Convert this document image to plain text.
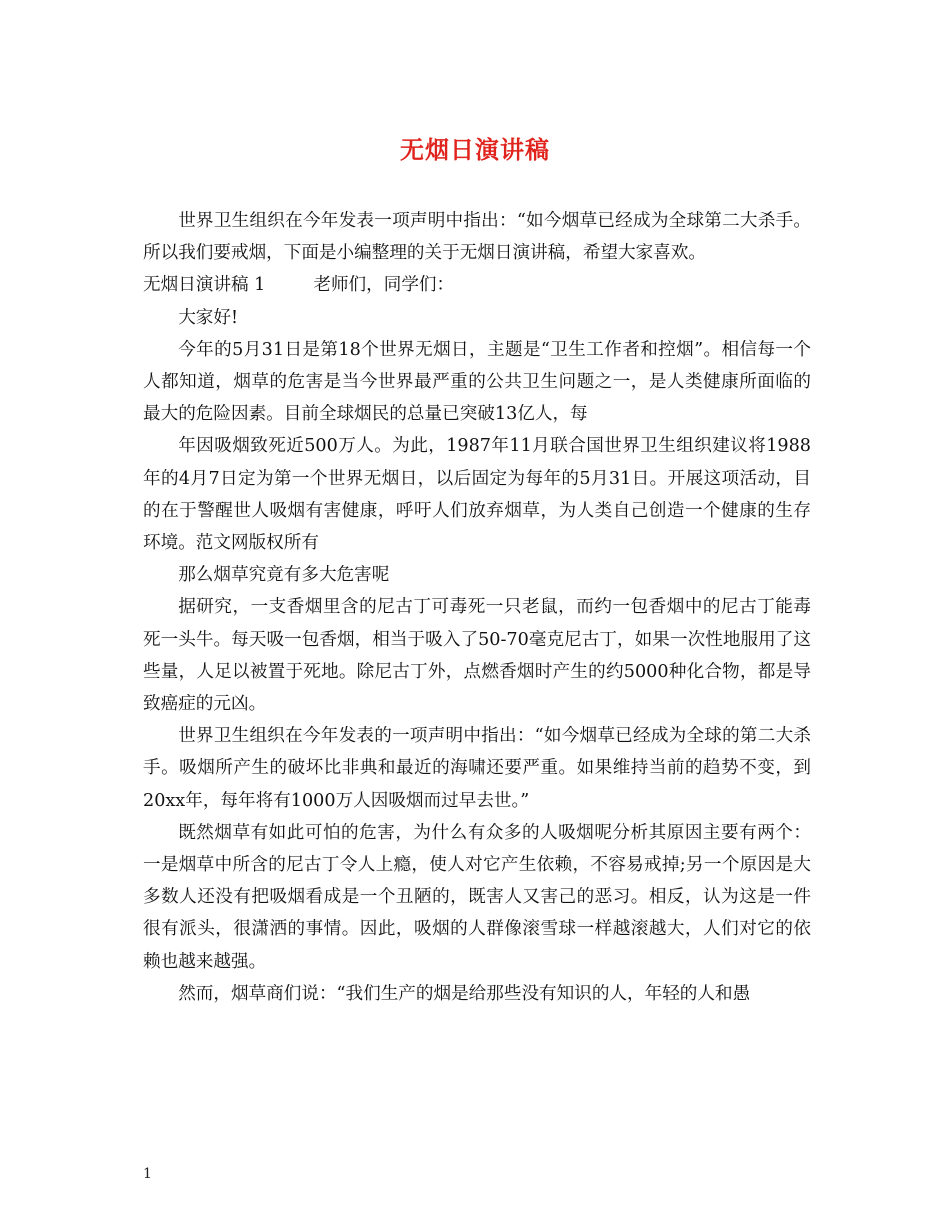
无烟日演讲稿

世界卫生组织在今年发表一项声明中指出：“如今烟草已经成为全球第二大杀手。所以我们要戒烟，下面是小编整理的关于无烟日演讲稿，希望大家喜欢。

无烟日演讲稿 1	老师们，同学们：

大家好!

今年的5月31日是第18个世界无烟日，主题是“卫生工作者和控烟”。相信每一个人都知道，烟草的危害是当今世界最严重的公共卫生问题之一，是人类健康所面临的最大的危险因素。目前全球烟民的总量已突破13亿人，每

年因吸烟致死近500万人。为此，1987年11月联合国世界卫生组织建议将1988年的4月7日定为第一个世界无烟日，以后固定为每年的5月31日。开展这项活动，目的在于警醒世人吸烟有害健康，呼吁人们放弃烟草，为人类自己创造一个健康的生存环境。范文网版权所有

那么烟草究竟有多大危害呢

据研究，一支香烟里含的尼古丁可毒死一只老鼠，而约一包香烟中的尼古丁能毒死一头牛。每天吸一包香烟，相当于吸入了50-70毫克尼古丁，如果一次性地服用了这些量，人足以被置于死地。除尼古丁外，点燃香烟时产生的约5000种化合物，都是导致癌症的元凶。

世界卫生组织在今年发表的一项声明中指出：“如今烟草已经成为全球的第二大杀手。吸烟所产生的破坏比非典和最近的海啸还要严重。如果维持当前的趋势不变，到20xx年，每年将有1000万人因吸烟而过早去世。”

既然烟草有如此可怕的危害，为什么有众多的人吸烟呢分析其原因主要有两个：一是烟草中所含的尼古丁令人上瘾，使人对它产生依赖，不容易戒掉;另一个原因是大多数人还没有把吸烟看成是一个丑陋的，既害人又害己的恶习。相反，认为这是一件很有派头，很潇洒的事情。因此，吸烟的人群像滚雪球一样越滚越大，人们对它的依赖也越来越强。

然而，烟草商们说：“我们生产的烟是给那些没有知识的人，年轻的人和愚

1
